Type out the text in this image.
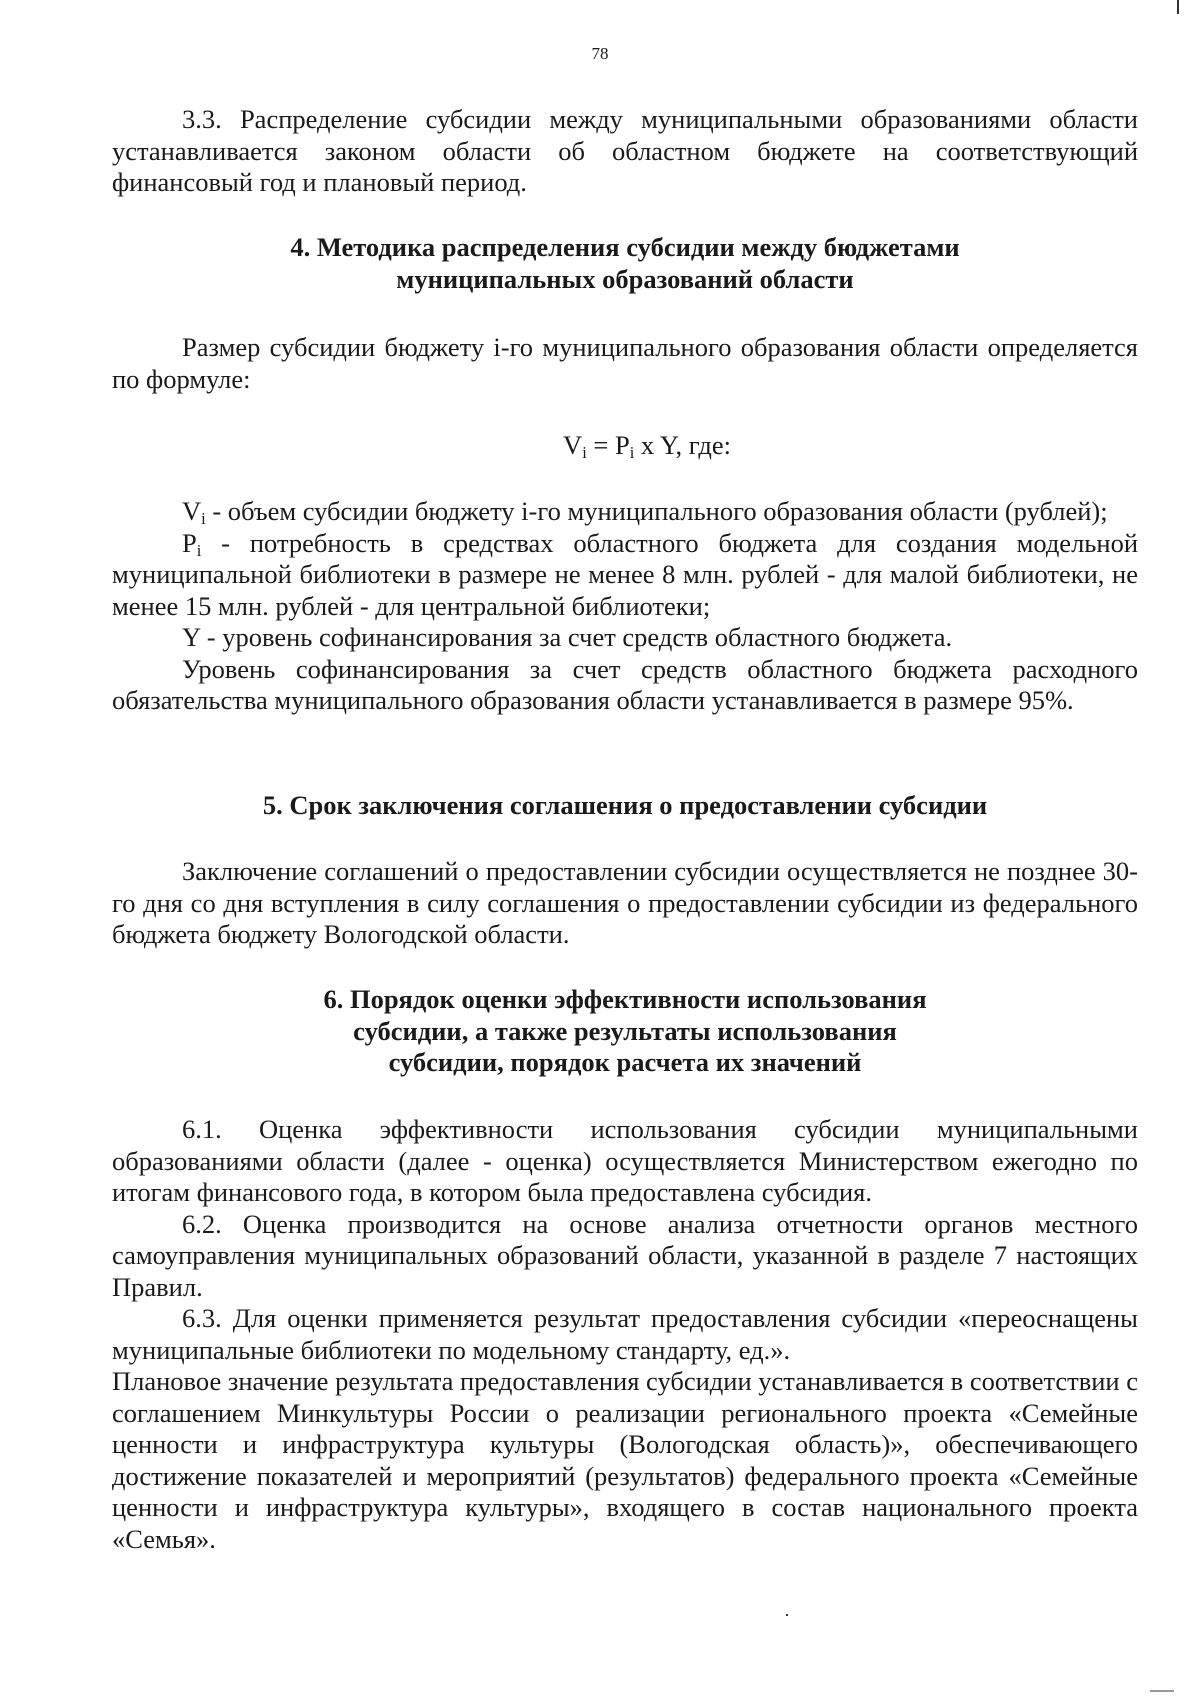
78

3.3. Распределение субсидии между муниципальными образованиями области устанавливается законом области об областном бюджете на соответствующий финансовый год и плановый период.

4. Методика распределения субсидии между бюджетами

муниципальных образований области

Размер субсидии бюджету i-го муниципального образования области определяется по формуле:

$V_i = P_i$ x Y, где:

$V_i$ - объем субсидии бюджету i-го муниципального образования области (рублей);

$P_i$ - потребность в средствах областного бюджета для создания модельной муниципальной библиотеки в размере не менее 8 млн. рублей - для малой библиотеки, не менее 15 млн. рублей - для центральной библиотеки;

Y - уровень софинансирования за счет средств областного бюджета.

Уровень софинансирования за счет средств областного бюджета расходного обязательства муниципального образования области устанавливается в размере 95%.

5. Срок заключения соглашения о предоставлении субсидии

Заключение соглашений о предоставлении субсидии осуществляется не позднее 30-го дня со дня вступления в силу соглашения о предоставлении субсидии из федерального бюджета бюджету Вологодской области.

6. Порядок оценки эффективности использования

субсидии, а также результаты использования

субсидии, порядок расчета их значений

6.1. Оценка эффективности использования субсидии муниципальными образованиями области (далее - оценка) осуществляется Министерством ежегодно по итогам финансового года, в котором была предоставлена субсидия.

6.2. Оценка производится на основе анализа отчетности органов местного самоуправления муниципальных образований области, указанной в разделе 7 настоящих Правил.

6.3. Для оценки применяется результат предоставления субсидии «переоснащены муниципальные библиотеки по модельному стандарту, ед.».

Плановое значение результата предоставления субсидии устанавливается в соответствии с соглашением Минкультуры России о реализации регионального проекта «Семейные ценности и инфраструктура культуры (Вологодская область)», обеспечивающего достижение показателей и мероприятий (результатов) федерального проекта «Семейные ценности и инфраструктура культуры», входящего в состав национального проекта «Семья».
